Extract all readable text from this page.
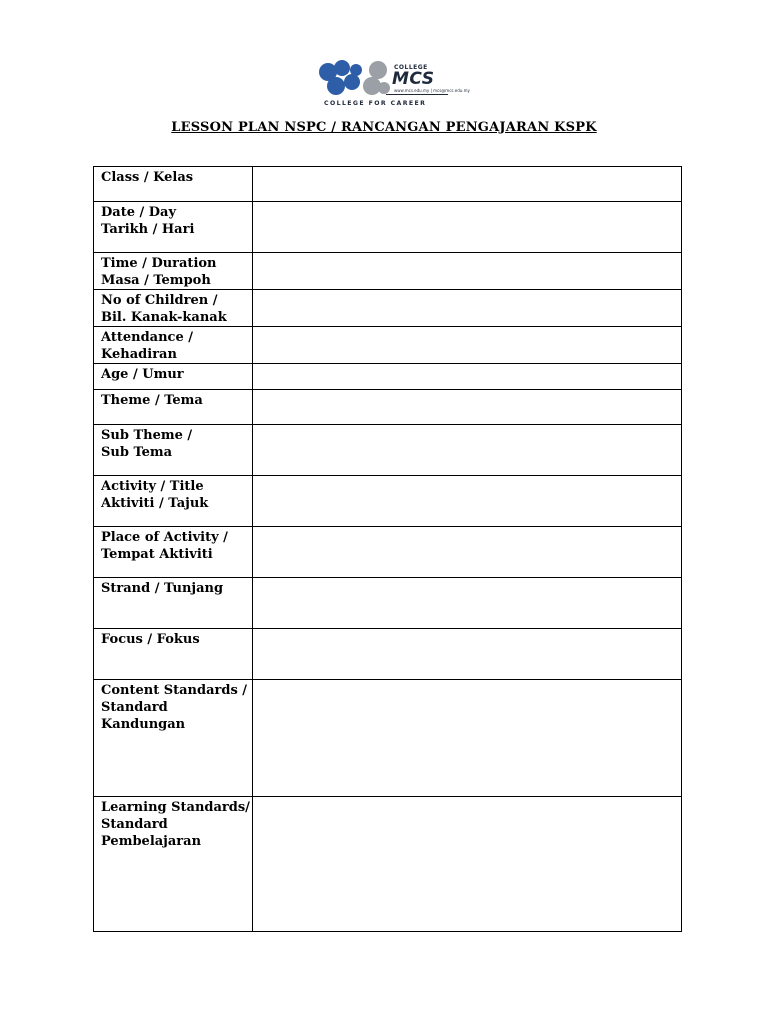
COLLEGE
MCS
www.mcs.edu.my | mcs@mcs.edu.my
COLLEGE FOR CAREER
LESSON PLAN NSPC / RANCANGAN PENGAJARAN KSPK
Class / Kelas	
Date / Day
Tarikh / Hari	
Time / Duration
Masa / Tempoh	
No of Children /
Bil. Kanak-kanak	
Attendance /
Kehadiran	
Age / Umur	
Theme / Tema	
Sub Theme /
Sub Tema	
Activity / Title
Aktiviti / Tajuk	
Place of Activity /
Tempat Aktiviti	
Strand / Tunjang	
Focus / Fokus	
Content Standards /
Standard
Kandungan	
Learning Standards/
Standard
Pembelajaran	
